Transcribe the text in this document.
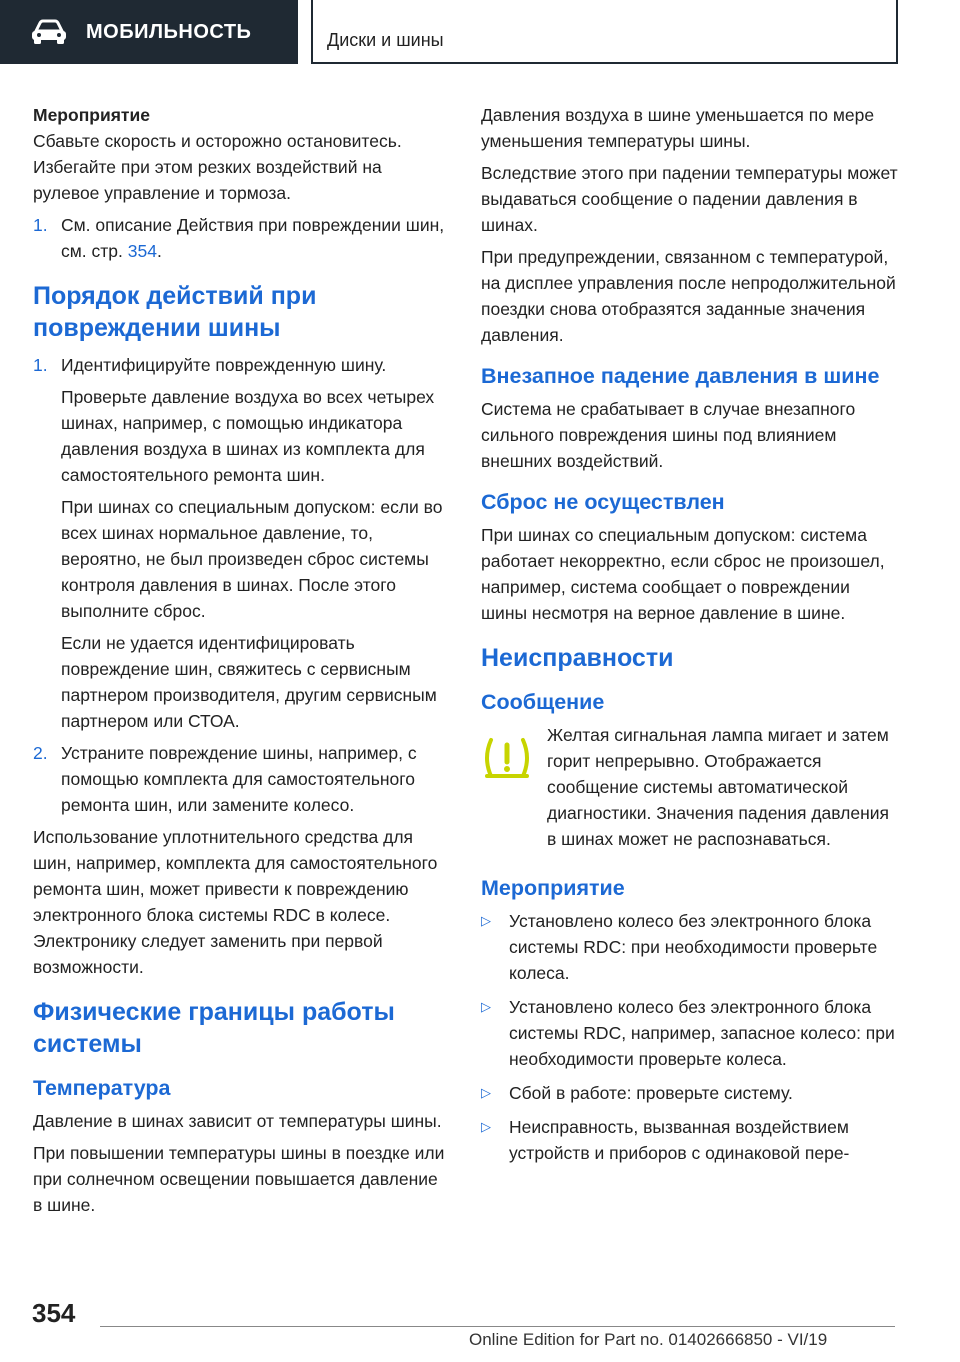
МОБИЛЬНОСТЬ	Диски и шины

Мероприятие

Сбавьте скорость и осторожно остановитесь. Избегайте при этом резких воздействий на рулевое управление и тормоза.

1. См. описание Действия при повреждении шин, см. стр. 354.
Порядок действий при повреждении шины
1. Идентифицируйте поврежденную шину.

Проверьте давление воздуха во всех четырех шинах, например, с помощью индикатора давления воздуха в шинах из комплекта для самостоятельного ремонта шин.

При шинах со специальным допуском: если во всех шинах нормальное давление, то, вероятно, не был произведен сброс системы контроля давления в шинах. После этого выполните сброс.

Если не удается идентифицировать повреждение шин, свяжитесь с сервисным партнером производителя, другим сервисным партнером или СТОА.

2. Устраните повреждение шины, например, с помощью комплекта для самостоятельного ремонта шин, или замените колесо.

Использование уплотнительного средства для шин, например, комплекта для самостоятельного ремонта шин, может привести к повреждению электронного блока системы RDC в колесе. Электронику следует заменить при первой возможности.

Физические границы работы системы
Температура

Давление в шинах зависит от температуры шины.

При повышении температуры шины в поездке или при солнечном освещении повышается давление в шине.

Давления воздуха в шине уменьшается по мере уменьшения температуры шины.

Вследствие этого при падении температуры может выдаваться сообщение о падении давления в шинах.

При предупреждении, связанном с температурой, на дисплее управления после непродолжительной поездки снова отобразятся заданные значения давления.

Внезапное падение давления в шине

Система не срабатывает в случае внезапного сильного повреждения шины под влиянием внешних воздействий.

Сброс не осуществлен

При шинах со специальным допуском: система работает некорректно, если сброс не произошел, например, система сообщает о повреждении шины несмотря на верное давление в шине.

Неисправности
Сообщение

Желтая сигнальная лампа мигает и затем горит непрерывно. Отображается сообщение системы автоматической диагностики. Значения падения давления в шинах может не распознаваться.

Мероприятие
▷	Установлено колесо без электронного блока системы RDC: при необходимости проверьте колеса.
▷	Установлено колесо без электронного блока системы RDC, например, запасное колесо: при необходимости проверьте колеса.
▷	Сбой в работе: проверьте систему.
▷	Неисправность, вызванная воздействием устройств и приборов с одинаковой пере-
354
Online Edition for Part no. 01402666850 - VI/19
